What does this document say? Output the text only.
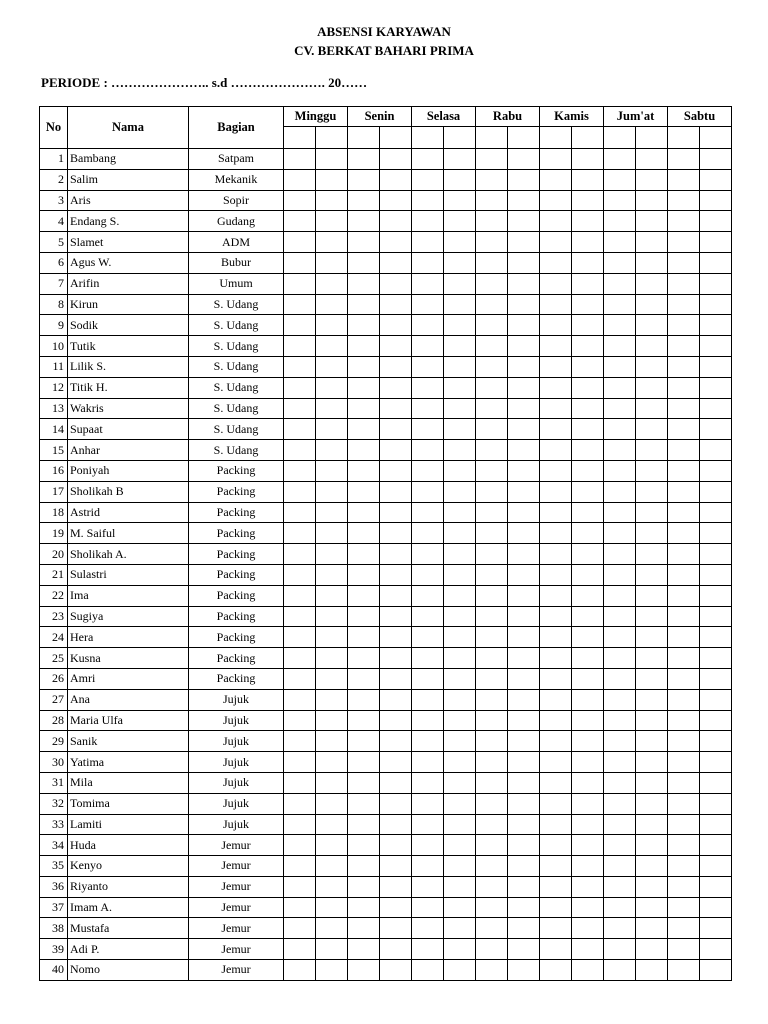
ABSENSI KARYAWAN
CV. BERKAT BAHARI PRIMA
PERIODE : ………………….. s.d …………………. 20……
No	Nama	Bagian	Minggu		Senin		Selasa		Rabu		Kamis		Jum'at		Sabtu	

1	Bambang	Satpam														
2	Salim	Mekanik														
3	Aris	Sopir														
4	Endang S.	Gudang														
5	Slamet	ADM														
6	Agus W.	Bubur														
7	Arifin	Umum														
8	Kirun	S. Udang														
9	Sodik	S. Udang														
10	Tutik	S. Udang														
11	Lilik S.	S. Udang														
12	Titik H.	S. Udang														
13	Wakris	S. Udang														
14	Supaat	S. Udang														
15	Anhar	S. Udang														
16	Poniyah	Packing														
17	Sholikah B	Packing														
18	Astrid	Packing														
19	M. Saiful	Packing														
20	Sholikah A.	Packing														
21	Sulastri	Packing														
22	Ima	Packing														
23	Sugiya	Packing														
24	Hera	Packing														
25	Kusna	Packing														
26	Amri	Packing														
27	Ana	Jujuk														
28	Maria Ulfa	Jujuk														
29	Sanik	Jujuk														
30	Yatima	Jujuk														
31	Mila	Jujuk														
32	Tomima	Jujuk														
33	Lamiti	Jujuk														
34	Huda	Jemur														
35	Kenyo	Jemur														
36	Riyanto	Jemur														
37	Imam A.	Jemur														
38	Mustafa	Jemur														
39	Adi P.	Jemur														
40	Nomo	Jemur														
